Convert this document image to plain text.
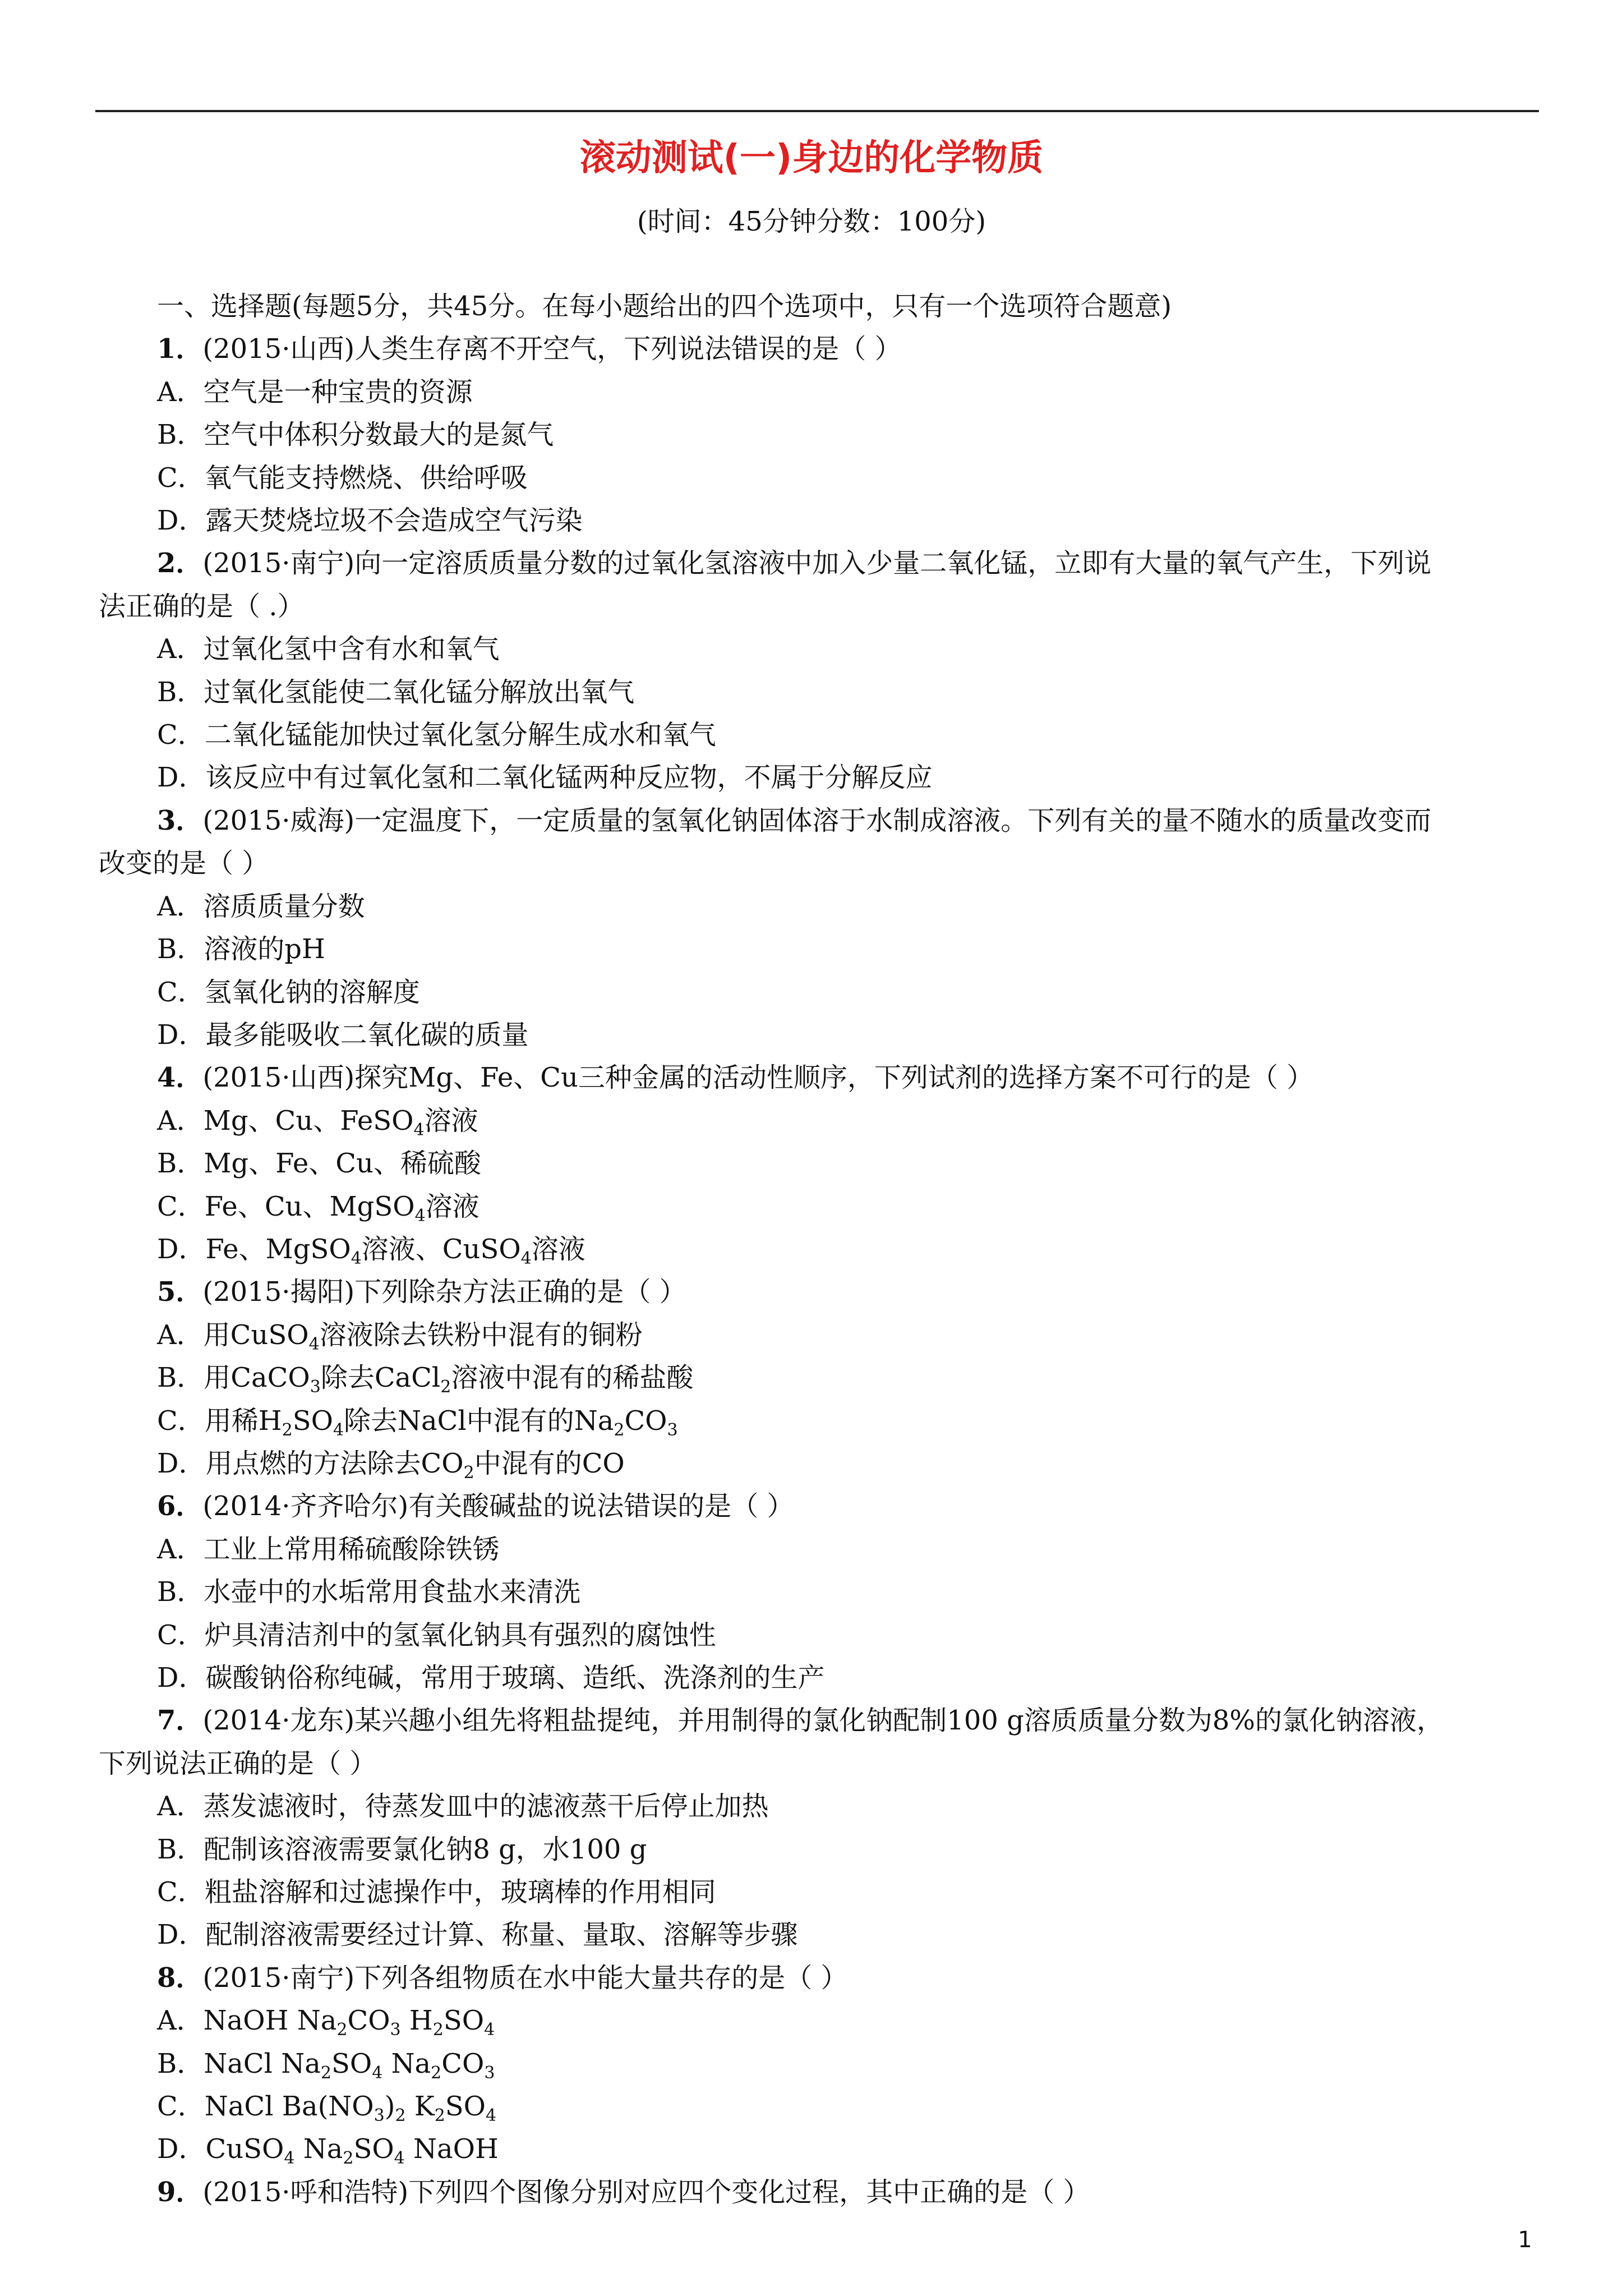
滚动测试(一)身边的化学物质
(时间：45分钟分数：100分)
一、选择题(每题5分，共45分。在每小题给出的四个选项中，只有一个选项符合题意)
1．(2015·山西)人类生存离不开空气，下列说法错误的是（ ）
A．空气是一种宝贵的资源
B．空气中体积分数最大的是氮气
C．氧气能支持燃烧、供给呼吸
D．露天焚烧垃圾不会造成空气污染
2．(2015·南宁)向一定溶质质量分数的过氧化氢溶液中加入少量二氧化锰，立即有大量的氧气产生，下列说
法正确的是（ .）
A．过氧化氢中含有水和氧气
B．过氧化氢能使二氧化锰分解放出氧气
C．二氧化锰能加快过氧化氢分解生成水和氧气
D．该反应中有过氧化氢和二氧化锰两种反应物，不属于分解反应
3．(2015·威海)一定温度下，一定质量的氢氧化钠固体溶于水制成溶液。下列有关的量不随水的质量改变而
改变的是（ ）
A．溶质质量分数
B．溶液的pH
C．氢氧化钠的溶解度
D．最多能吸收二氧化碳的质量
4．(2015·山西)探究Mg、Fe、Cu三种金属的活动性顺序，下列试剂的选择方案不可行的是（ ）
A．Mg、Cu、FeSO$_4$溶液
B．Mg、Fe、Cu、稀硫酸
C．Fe、Cu、MgSO$_4$溶液
D．Fe、MgSO$_4$溶液、CuSO$_4$溶液
5．(2015·揭阳)下列除杂方法正确的是（ ）
A．用CuSO$_4$溶液除去铁粉中混有的铜粉
B．用CaCO$_3$除去CaCl$_2$溶液中混有的稀盐酸
C．用稀$H_2SO_4$除去NaCl中混有的$Na_2CO_3$
D．用点燃的方法除去$CO_2$中混有的CO
6．(2014·齐齐哈尔)有关酸碱盐的说法错误的是（ ）
A．工业上常用稀硫酸除铁锈
B．水壶中的水垢常用食盐水来清洗
C．炉具清洁剂中的氢氧化钠具有强烈的腐蚀性
D．碳酸钠俗称纯碱，常用于玻璃、造纸、洗涤剂的生产
7．(2014·龙东)某兴趣小组先将粗盐提纯，并用制得的氯化钠配制100 g溶质质量分数为8%的氯化钠溶液，
下列说法正确的是（ ）
A．蒸发滤液时，待蒸发皿中的滤液蒸干后停止加热
B．配制该溶液需要氯化钠8 g，水100 g
C．粗盐溶解和过滤操作中，玻璃棒的作用相同
D．配制溶液需要经过计算、称量、量取、溶解等步骤
8．(2015·南宁)下列各组物质在水中能大量共存的是（ ）
A．NaOH $Na_2CO_3$ $H_2SO_4$
B．NaCl $Na_2SO_4$ $Na_2CO_3$
C．NaCl $Ba(NO_3)_2$ $K_2SO_4$
D．CuSO$_4$ $Na_2SO_4$ NaOH
9．(2015·呼和浩特)下列四个图像分别对应四个变化过程，其中正确的是（ ）
1
